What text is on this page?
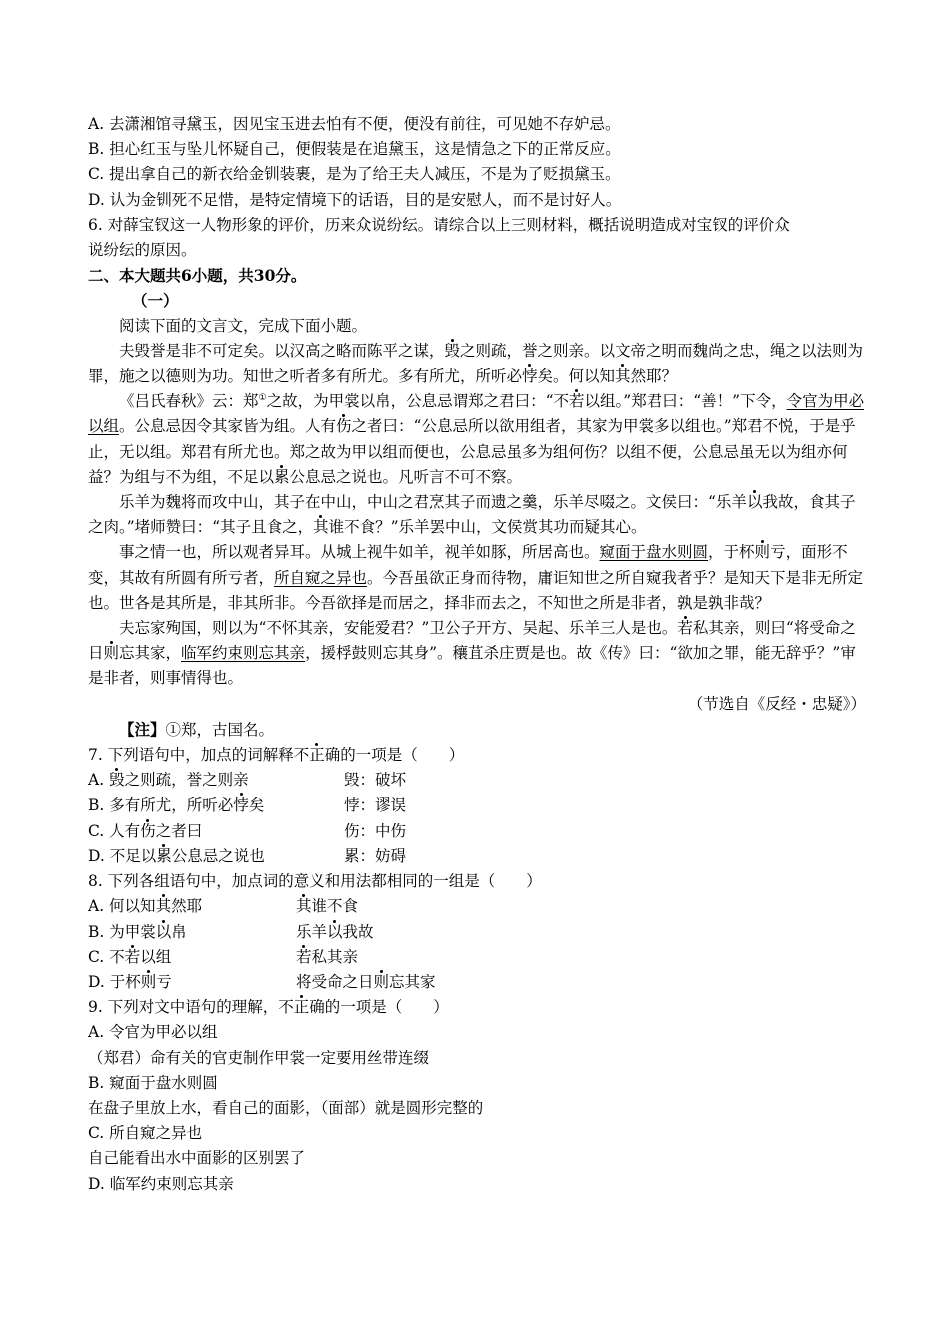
A. 去潇湘馆寻黛玉，因见宝玉进去怕有不便，便没有前往，可见她不存妒忌。

B. 担心红玉与坠儿怀疑自己，便假装是在追黛玉，这是情急之下的正常反应。

C. 提出拿自己的新衣给金钏装裹，是为了给王夫人减压，不是为了贬损黛玉。

D. 认为金钏死不足惜，是特定情境下的话语，目的是安慰人，而不是讨好人。

6. 对薛宝钗这一人物形象的评价，历来众说纷纭。请综合以上三则材料，概括说明造成对宝钗的评价众

说纷纭的原因。

二、本大题共6小题，共30分。

（一）

阅读下面的文言文，完成下面小题。

夫毁誉是非不可定矣。以汉高之略而陈平之谋，毁之则疏，誉之则亲。以文帝之明而魏尚之忠，绳之以法则为罪，施之以德则为功。知世之听者多有所尤。多有所尤，所听必悖矣。何以知其然耶？

《吕氏春秋》云：郑①之故，为甲裳以帛，公息忌谓郑之君曰：“不若以组。”郑君曰：“善！”下令，令官为甲必以组。公息忌因令其家皆为组。人有伤之者曰：“公息忌所以欲用组者，其家为甲裳多以组也。”郑君不悦，于是乎止，无以组。郑君有所尤也。郑之故为甲以组而便也，公息忌虽多为组何伤？以组不便，公息忌虽无以为组亦何益？为组与不为组，不足以累公息忌之说也。凡听言不可不察。

乐羊为魏将而攻中山，其子在中山，中山之君烹其子而遗之羹，乐羊尽啜之。文侯曰：“乐羊以我故，食其子之肉。”堵师赞曰：“其子且食之，其谁不食？”乐羊罢中山，文侯赏其功而疑其心。

事之情一也，所以观者异耳。从城上视牛如羊，视羊如豚，所居高也。窥面于盘水则圆，于杯则亏，面形不变，其故有所圆有所亏者，所自窥之异也。今吾虽欲正身而待物，庸讵知世之所自窥我者乎？是知天下是非无所定也。世各是其所是，非其所非。今吾欲择是而居之，择非而去之，不知世之所是非者，孰是孰非哉？

夫忘家殉国，则以为“不怀其亲，安能爱君？”卫公子开方、吴起、乐羊三人是也。若私其亲，则曰“将受命之日则忘其家，临军约束则忘其亲，援桴鼓则忘其身”。穰苴杀庄贾是也。故《传》曰：“欲加之罪，能无辞乎？”审是非者，则事情得也。

（节选自《反经・忠疑》）

【注】①郑，古国名。

7. 下列语句中，加点的词解释不正确的一项是（　　）

A. 毁之则疏，誉之则亲	毁：破坏
B. 多有所尤，所听必悖矣	悖：谬误
C. 人有伤之者曰	伤：中伤
D. 不足以累公息忌之说也	累：妨碍

8. 下列各组语句中，加点词的意义和用法都相同的一组是（　　）

A. 何以知其然耶	其谁不食
B. 为甲裳以帛	乐羊以我故
C. 不若以组	若私其亲
D. 于杯则亏	将受命之日则忘其家

9. 下列对文中语句的理解，不正确的一项是（　　）

A. 令官为甲必以组

（郑君）命有关的官吏制作甲裳一定要用丝带连缀

B. 窥面于盘水则圆

在盘子里放上水，看自己的面影，（面部）就是圆形完整的

C. 所自窥之异也

自己能看出水中面影的区别罢了

D. 临军约束则忘其亲
